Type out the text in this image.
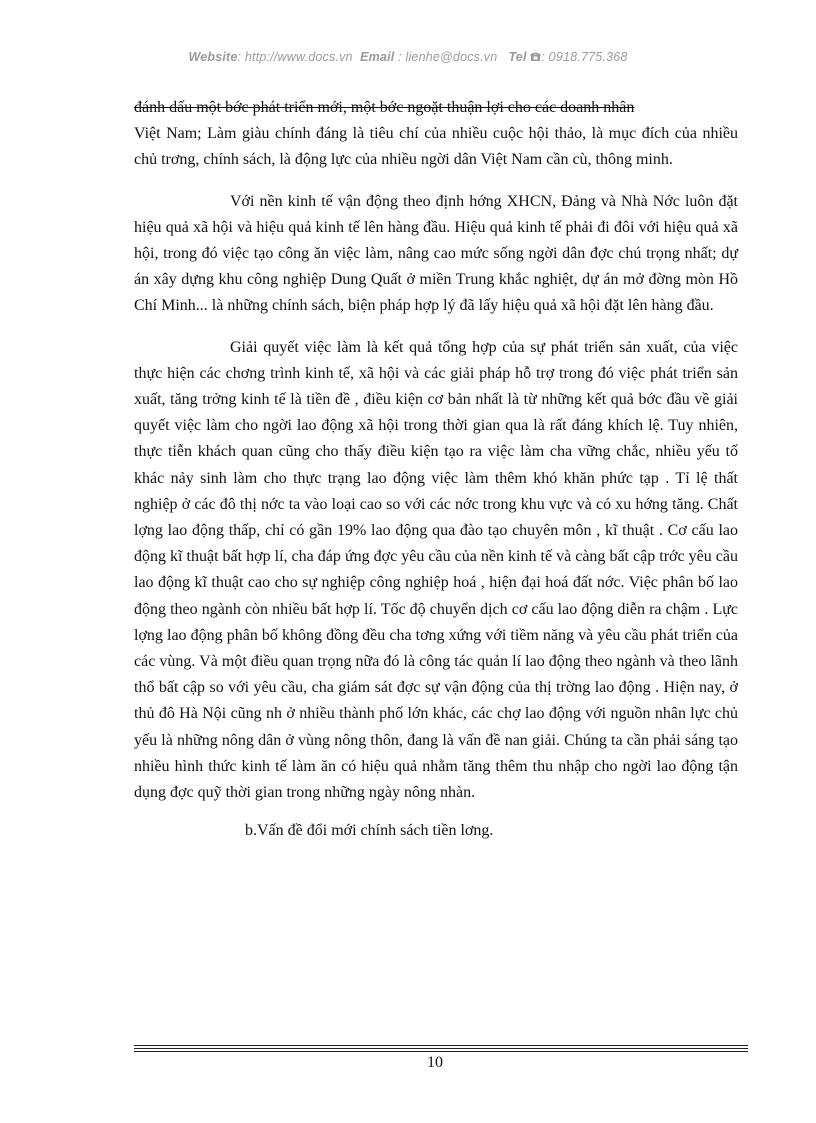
Website: http://www.docs.vn Email : lienhe@docs.vn Tel : 0918.775.368

đánh dấu một bớc phát triển mới, một bớc ngoặt thuận lợi cho các doanh nhân

Việt Nam; Làm giàu chính đáng là tiêu chí của nhiều cuộc hội thảo, là mục đích của nhiều chủ trơng, chính sách, là động lực của nhiều ngời dân Việt Nam cần cù, thông minh.

Với nền kinh tế vận động theo định hớng XHCN, Đảng và Nhà Nớc luôn đặt hiệu quả xã hội và hiệu quả kinh tế lên hàng đầu. Hiệu quả kinh tế phải đi đôi với hiệu quả xã hội, trong đó việc tạo công ăn việc làm, nâng cao mức sống ngời dân đợc chú trọng nhất; dự án xây dựng khu công nghiệp Dung Quất ở miền Trung khắc nghiệt, dự án mở đờng mòn Hồ Chí Minh... là những chính sách, biện pháp hợp lý đã lấy hiệu quả xã hội đặt lên hàng đầu.

Giải quyết việc làm là kết quả tổng hợp của sự phát triển sản xuất, của việc thực hiện các chơng trình kinh tế, xã hội và các giải pháp hỗ trợ trong đó việc phát triển sản xuất, tăng trởng kinh tế là tiền đề , điều kiện cơ bản nhất là từ những kết quả bớc đầu về giải quyết việc làm cho ngời lao động xã hội trong thời gian qua là rất đáng khích lệ. Tuy nhiên, thực tiễn khách quan cũng cho thấy điều kiện tạo ra việc làm cha vững chắc, nhiều yếu tố khác nảy sinh làm cho thực trạng lao động việc làm thêm khó khăn phức tạp . Tỉ lệ thất nghiệp ở các đô thị nớc ta vào loại cao so với các nớc trong khu vực và có xu hớng tăng. Chất lợng lao động thấp, chỉ có gần 19% lao động qua đào tạo chuyên môn , kĩ thuật . Cơ cấu lao động kĩ thuật bất hợp lí, cha đáp ứng đợc yêu cầu của nền kinh tế và càng bất cập trớc yêu cầu lao động kĩ thuật cao cho sự nghiệp công nghiệp hoá , hiện đại hoá đất nớc. Việc phân bố lao động theo ngành còn nhiều bất hợp lí. Tốc độ chuyển dịch cơ cấu lao động diễn ra chậm . Lực lợng lao động phân bố không đồng đều cha tơng xứng với tiềm năng và yêu cầu phát triển của các vùng. Và một điều quan trọng nữa đó là công tác quản lí lao động theo ngành và theo lãnh thổ bất cập so với yêu cầu, cha giám sát đợc sự vận động của thị trờng lao động . Hiện nay, ở thủ đô Hà Nội cũng nh ở nhiều thành phố lớn khác, các chợ lao động với nguồn nhân lực chủ yếu là những nông dân ở vùng nông thôn, đang là vấn đề nan giải. Chúng ta cần phải sáng tạo nhiều hình thức kinh tế làm ăn có hiệu quả nhằm tăng thêm thu nhập cho ngời lao động tận dụng đợc quỹ thời gian trong những ngày nông nhàn.

b.Vấn đề đổi mới chính sách tiền lơng.

10
